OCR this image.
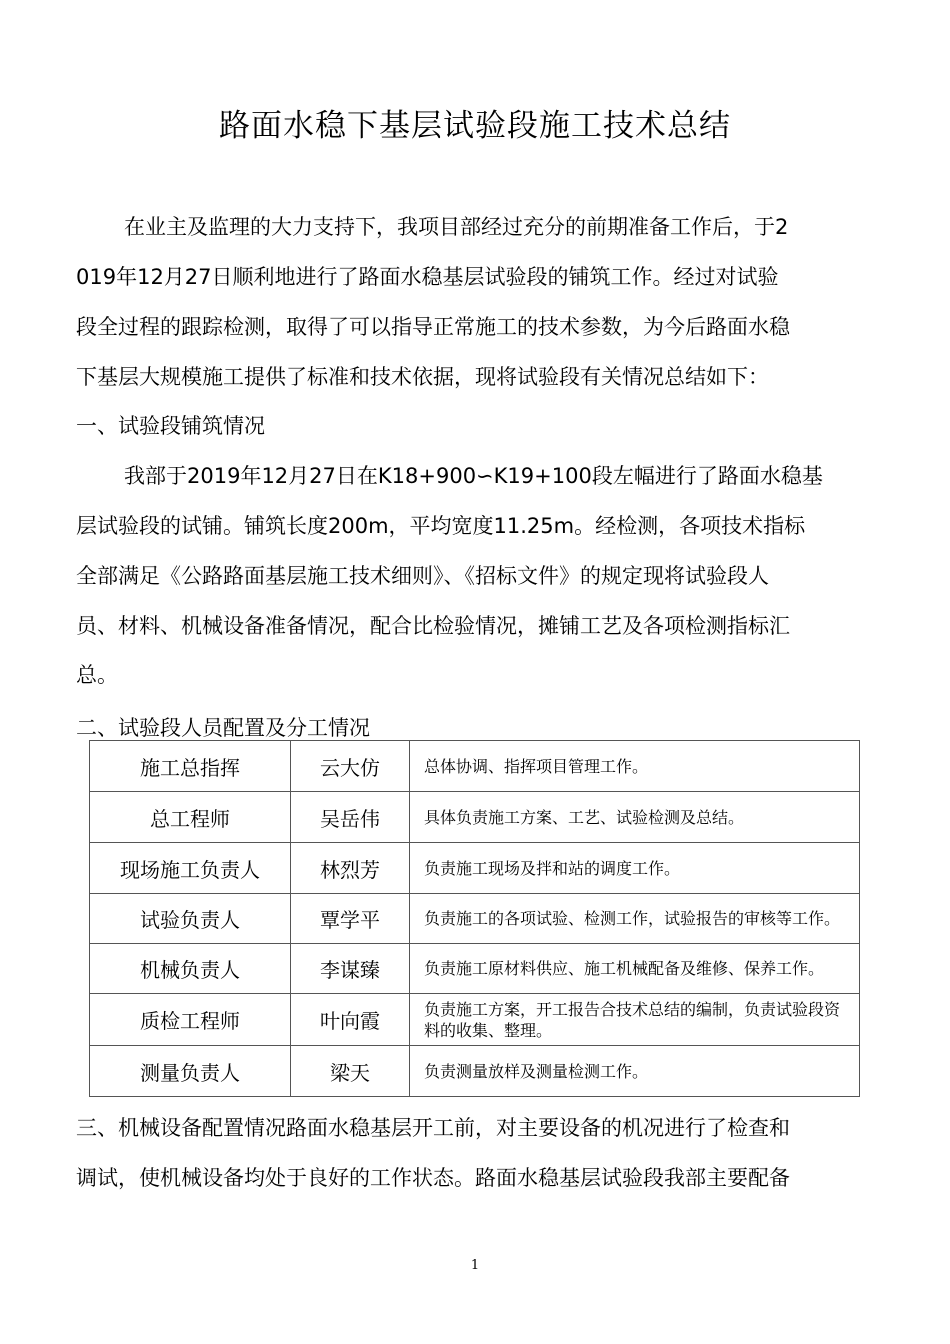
路面水稳下基层试验段施工技术总结
在业主及监理的大力支持下，我项目部经过充分的前期准备工作后，于2
019年12月27日顺利地进行了路面水稳基层试验段的铺筑工作。经过对试验
段全过程的跟踪检测，取得了可以指导正常施工的技术参数，为今后路面水稳
下基层大规模施工提供了标准和技术依据，现将试验段有关情况总结如下：
一、试验段铺筑情况
我部于2019年12月27日在K18+900∽K19+100段左幅进行了路面水稳基
层试验段的试铺。铺筑长度200m，平均宽度11.25m。经检测，各项技术指标
全部满足《公路路面基层施工技术细则》、《招标文件》的规定现将试验段人
员、材料、机械设备准备情况，配合比检验情况，摊铺工艺及各项检测指标汇
总。
二、试验段人员配置及分工情况
施工总指挥	云大仿	总体协调、指挥项目管理工作。
总工程师	吴岳伟	具体负责施工方案、工艺、试验检测及总结。
现场施工负责人	林烈芳	负责施工现场及拌和站的调度工作。
试验负责人	覃学平	负责施工的各项试验、检测工作，试验报告的审核等工作。
机械负责人	李谋臻	负责施工原材料供应、施工机械配备及维修、保养工作。
质检工程师	叶向霞	负责施工方案，开工报告合技术总结的编制，负责试验段资料的收集、整理。
测量负责人	梁天	负责测量放样及测量检测工作。
三、机械设备配置情况路面水稳基层开工前，对主要设备的机况进行了检查和
调试，使机械设备均处于良好的工作状态。路面水稳基层试验段我部主要配备
1
